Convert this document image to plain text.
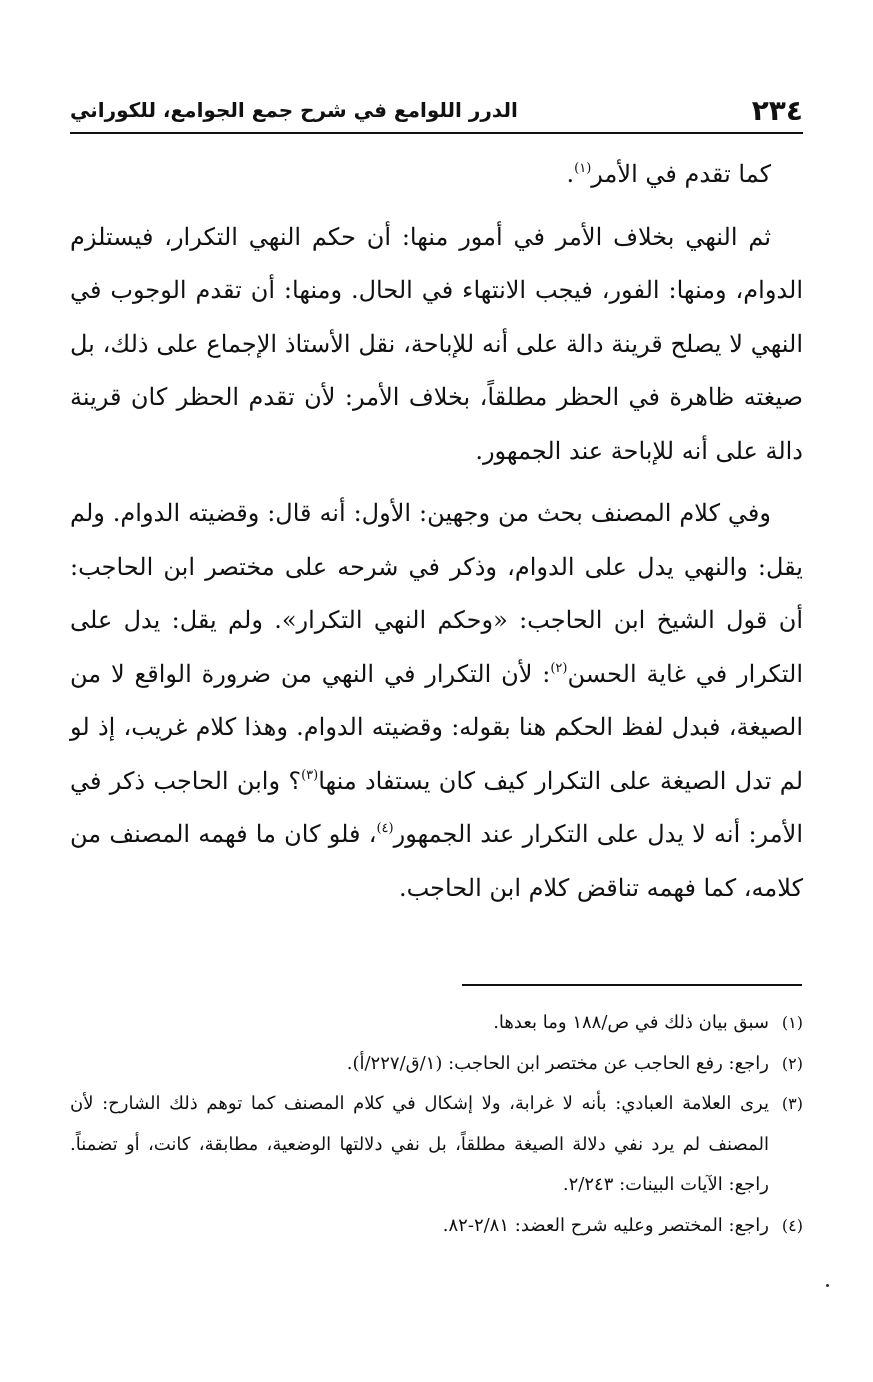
٢٣٤
الدرر اللوامع في شرح جمع الجوامع، للكوراني

كما تقدم في الأمر$^{(١)}$.

ثم النهي بخلاف الأمر في أمور منها: أن حكم النهي التكرار، فيستلزم الدوام، ومنها: الفور، فيجب الانتهاء في الحال. ومنها: أن تقدم الوجوب في النهي لا يصلح قرينة دالة على أنه للإباحة، نقل الأستاذ الإجماع على ذلك، بل صيغته ظاهرة في الحظر مطلقاً، بخلاف الأمر: لأن تقدم الحظر كان قرينة دالة على أنه للإباحة عند الجمهور.

وفي كلام المصنف بحث من وجهين: الأول: أنه قال: وقضيته الدوام. ولم يقل: والنهي يدل على الدوام، وذكر في شرحه على مختصر ابن الحاجب: أن قول الشيخ ابن الحاجب: «وحكم النهي التكرار». ولم يقل: يدل على التكرار في غاية الحسن$^{(٢)}$: لأن التكرار في النهي من ضرورة الواقع لا من الصيغة، فبدل لفظ الحكم هنا بقوله: وقضيته الدوام. وهذا كلام غريب، إذ لو لم تدل الصيغة على التكرار كيف كان يستفاد منها$^{(٣)}$؟ وابن الحاجب ذكر في الأمر: أنه لا يدل على التكرار عند الجمهور$^{(٤)}$، فلو كان ما فهمه المصنف من كلامه، كما فهمه تناقض كلام ابن الحاجب.

(١)سبق بيان ذلك في ص/١٨٨ وما بعدها.

(٢)راجع: رفع الحاجب عن مختصر ابن الحاجب: (١/ق/٢٢٧/أ).

(٣)يرى العلامة العبادي: بأنه لا غرابة، ولا إشكال في كلام المصنف كما توهم ذلك الشارح: لأن المصنف لم يرد نفي دلالة الصيغة مطلقاً، بل نفي دلالتها الوضعية، مطابقة، كانت، أو تضمناً. راجع: الآيات البينات: ٢/٢٤٣.

(٤)راجع: المختصر وعليه شرح العضد: ٢/٨١-٨٢.
